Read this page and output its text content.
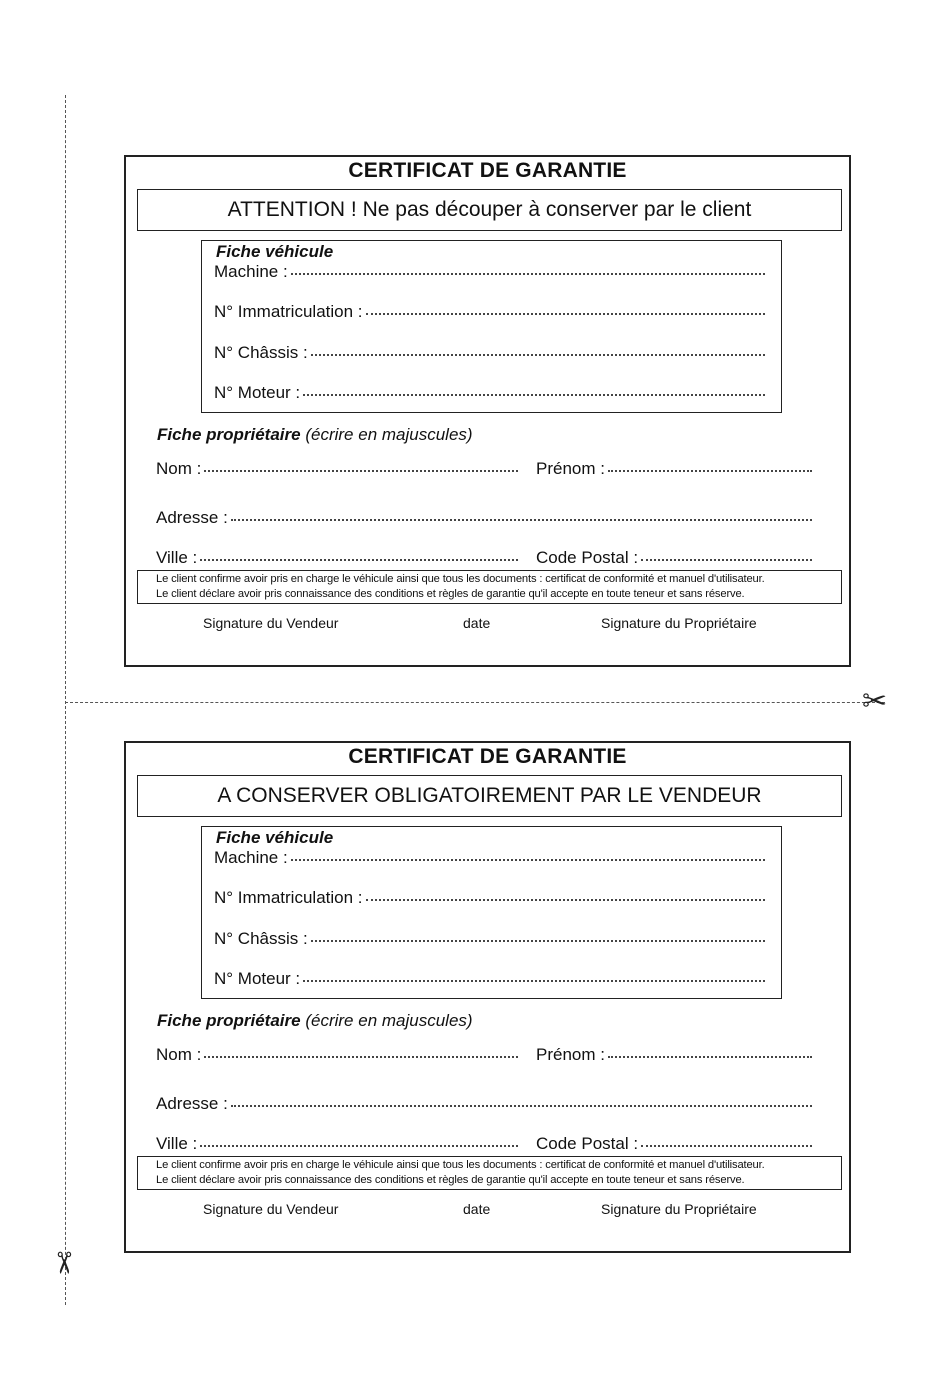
✂
✂
CERTIFICAT DE GARANTIE
ATTENTION ! Ne pas découper à conserver par le client
Fiche véhicule
Machine :
N° Immatriculation :
N° Châssis :
N° Moteur :
Fiche propriétaire (écrire en majuscules)
Nom :	Prénom :
Adresse :
Ville :	Code Postal :
Le client confirme avoir pris en charge le véhicule ainsi que tous les documents : certificat de conformité et manuel d'utilisateur.
Le client déclare avoir pris connaissance des conditions et règles de garantie qu'il accepte en toute teneur et sans réserve.
Signature du Vendeur	date	Signature du Propriétaire
CERTIFICAT DE GARANTIE
A CONSERVER OBLIGATOIREMENT PAR LE VENDEUR
Fiche véhicule
Machine :
N° Immatriculation :
N° Châssis :
N° Moteur :
Fiche propriétaire (écrire en majuscules)
Nom :	Prénom :
Adresse :
Ville :	Code Postal :
Le client confirme avoir pris en charge le véhicule ainsi que tous les documents : certificat de conformité et manuel d'utilisateur.
Le client déclare avoir pris connaissance des conditions et règles de garantie qu'il accepte en toute teneur et sans réserve.
Signature du Vendeur	date	Signature du Propriétaire
